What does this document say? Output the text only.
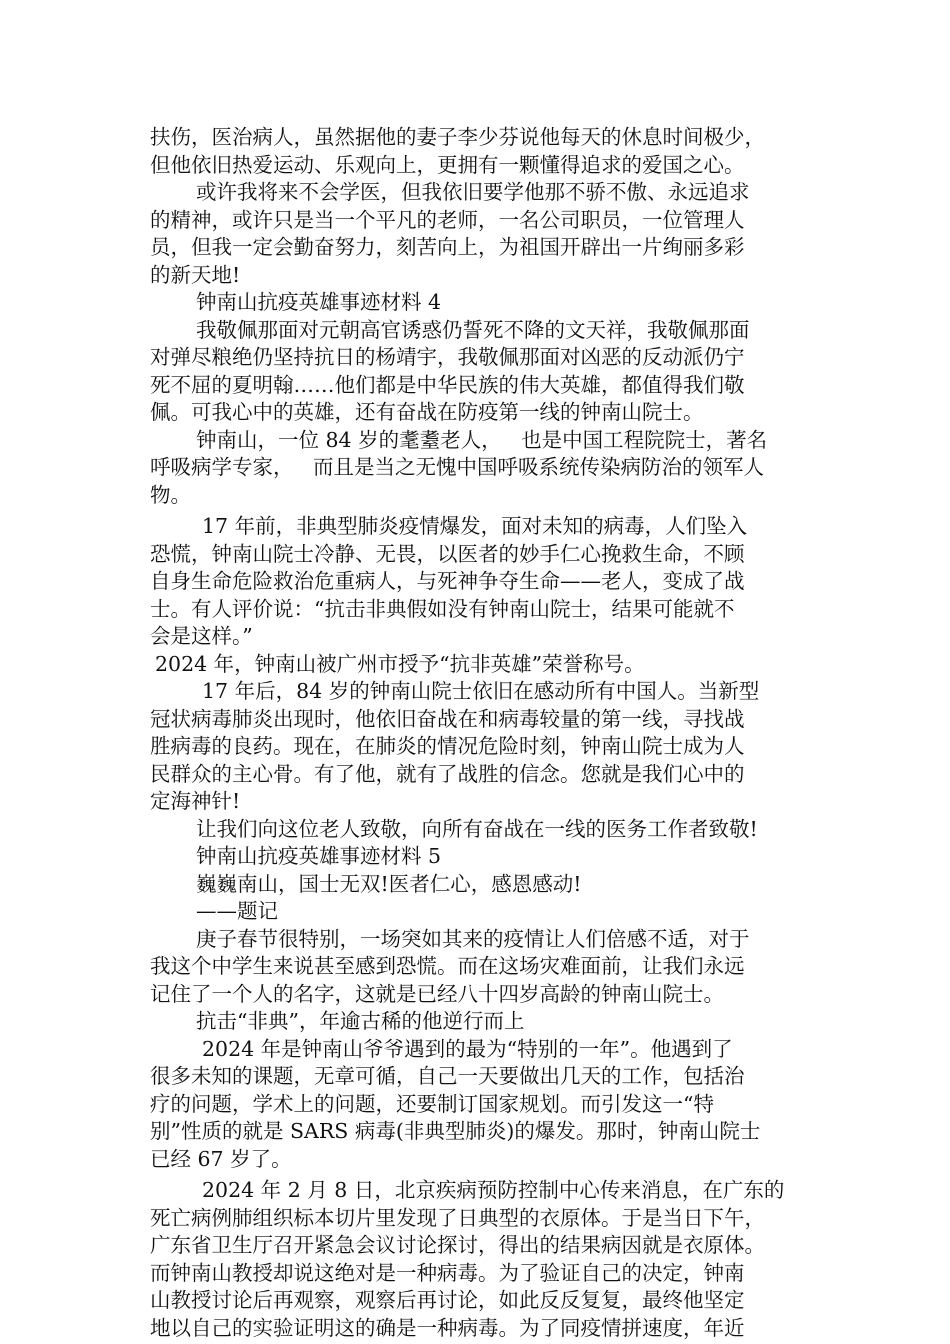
扶伤，医治病人，虽然据他的妻子李少芬说他每天的休息时间极少，
但他依旧热爱运动、乐观向上，更拥有一颗懂得追求的爱国之心。
或许我将来不会学医，但我依旧要学他那不骄不傲、永远追求
的精神，或许只是当一个平凡的老师，一名公司职员，一位管理人
员，但我一定会勤奋努力，刻苦向上，为祖国开辟出一片绚丽多彩
的新天地!
钟南山抗疫英雄事迹材料 4
我敬佩那面对元朝高官诱惑仍誓死不降的文天祥，我敬佩那面
对弹尽粮绝仍坚持抗日的杨靖宇，我敬佩那面对凶恶的反动派仍宁
死不屈的夏明翰……他们都是中华民族的伟大英雄，都值得我们敬
佩。可我心中的英雄，还有奋战在防疫第一线的钟南山院士。
钟南山，一位 84 岁的耄耋老人，   也是中国工程院院士，著名
呼吸病学专家，   而且是当之无愧中国呼吸系统传染病防治的领军人
物。
17 年前，非典型肺炎疫情爆发，面对未知的病毒，人们坠入
恐慌，钟南山院士冷静、无畏，以医者的妙手仁心挽救生命，不顾
自身生命危险救治危重病人，与死神争夺生命——老人，变成了战
士。有人评价说：“抗击非典假如没有钟南山院士，结果可能就不
会是这样。”
2024 年，钟南山被广州市授予“抗非英雄”荣誉称号。
17 年后，84 岁的钟南山院士依旧在感动所有中国人。当新型
冠状病毒肺炎出现时，他依旧奋战在和病毒较量的第一线，寻找战
胜病毒的良药。现在，在肺炎的情况危险时刻，钟南山院士成为人
民群众的主心骨。有了他，就有了战胜的信念。您就是我们心中的
定海神针!
让我们向这位老人致敬，向所有奋战在一线的医务工作者致敬!
钟南山抗疫英雄事迹材料 5
巍巍南山，国士无双!医者仁心，感恩感动!
——题记
庚子春节很特别，一场突如其来的疫情让人们倍感不适，对于
我这个中学生来说甚至感到恐慌。而在这场灾难面前，让我们永远
记住了一个人的名字，这就是已经八十四岁高龄的钟南山院士。
抗击“非典”，年逾古稀的他逆行而上
2024 年是钟南山爷爷遇到的最为“特别的一年”。他遇到了
很多未知的课题，无章可循，自己一天要做出几天的工作，包括治
疗的问题，学术上的问题，还要制订国家规划。而引发这一“特
别”性质的就是 SARS 病毒(非典型肺炎)的爆发。那时，钟南山院士
已经 67 岁了。
2024 年 2 月 8 日，北京疾病预防控制中心传来消息，在广东的
死亡病例肺组织标本切片里发现了日典型的衣原体。于是当日下午，
广东省卫生厅召开紧急会议讨论探讨，得出的结果病因就是衣原体。
而钟南山教授却说这绝对是一种病毒。为了验证自己的决定，钟南
山教授讨论后再观察，观察后再讨论，如此反反复复，最终他坚定
地以自己的实验证明这的确是一种病毒。为了同疫情拼速度，年近
